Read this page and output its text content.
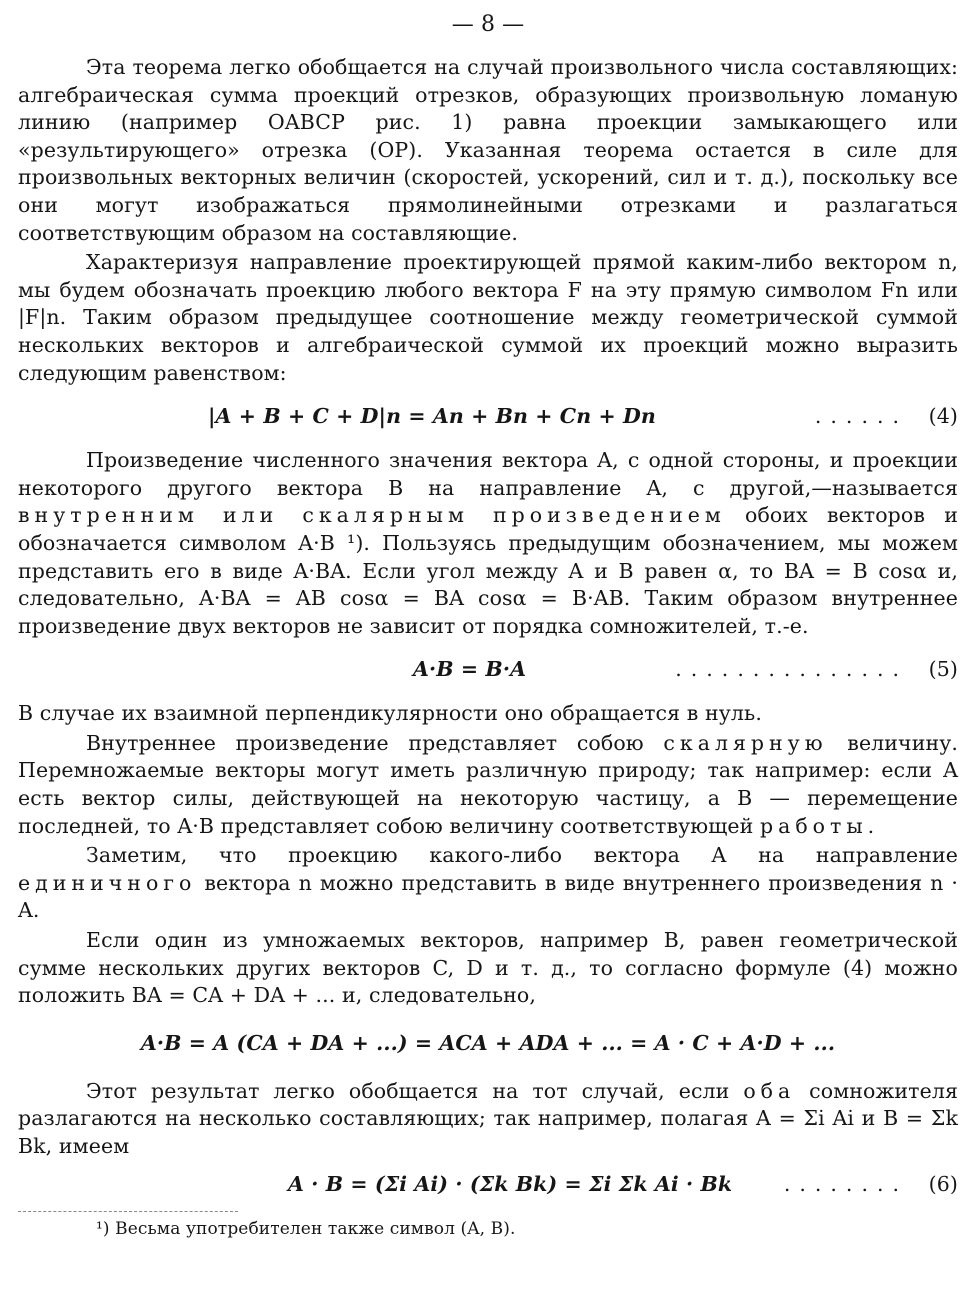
— 8 —

Эта теорема легко обобщается на случай произвольного числа составляющих: алгебраическая сумма проекций отрезков, образующих произвольную ломаную линию (например OABCP рис. 1) равна проекции замыкающего или «результирующего» отрезка (OP). Указанная теорема остается в силе для произвольных векторных величин (скоростей, ускорений, сил и т. д.), поскольку все они могут изображаться прямолинейными отрезками и разлагаться соответствующим образом на составляющие.

Характеризуя направление проектирующей прямой каким-либо вектором n, мы будем обозначать проекцию любого вектора F на эту прямую символом Fn или |F|n. Таким образом предыдущее соотношение между геометрической суммой нескольких векторов и алгебраической суммой их проекций можно выразить следующим равенством:

|A + B + C + D|n = An + Bn + Cn + Dn	......	(4)

Произведение численного значения вектора A, с одной стороны, и проекции некоторого другого вектора B на направление A, с другой,—называется внутренним или скалярным произведением обоих векторов и обозначается символом A·B ¹). Пользуясь предыдущим обозначением, мы можем представить его в виде A·BA. Если угол между A и B равен α, то BA = B cosα и, следовательно, A·BA = AB cosα = BA cosα = B·AB. Таким образом внутреннее произведение двух векторов не зависит от порядка сомножителей, т.-е.

A·B = B·A	...............	(5)

В случае их взаимной перпендикулярности оно обращается в нуль.

Внутреннее произведение представляет собою скалярную величину. Перемножаемые векторы могут иметь различную природу; так например: если A есть вектор силы, действующей на некоторую частицу, а B — перемещение последней, то A·B представляет собою величину соответствующей работы.

Заметим, что проекцию какого-либо вектора A на направление единичного вектора n можно представить в виде внутреннего произведения n · A.

Если один из умножаемых векторов, например B, равен геометрической сумме нескольких других векторов C, D и т. д., то согласно формуле (4) можно положить BA = CA + DA + ... и, следовательно,

A·B = A (CA + DA + ...) = ACA + ADA + ... = A · C + A·D + ...

Этот результат легко обобщается на тот случай, если оба сомножителя разлагаются на несколько составляющих; так например, полагая A = Σi Ai и B = Σk Bk, имеем

A · B = (Σi Ai) · (Σk Bk) = Σi Σk Ai · Bk	........	(6)

¹) Весьма употребителен также символ (A, B).
